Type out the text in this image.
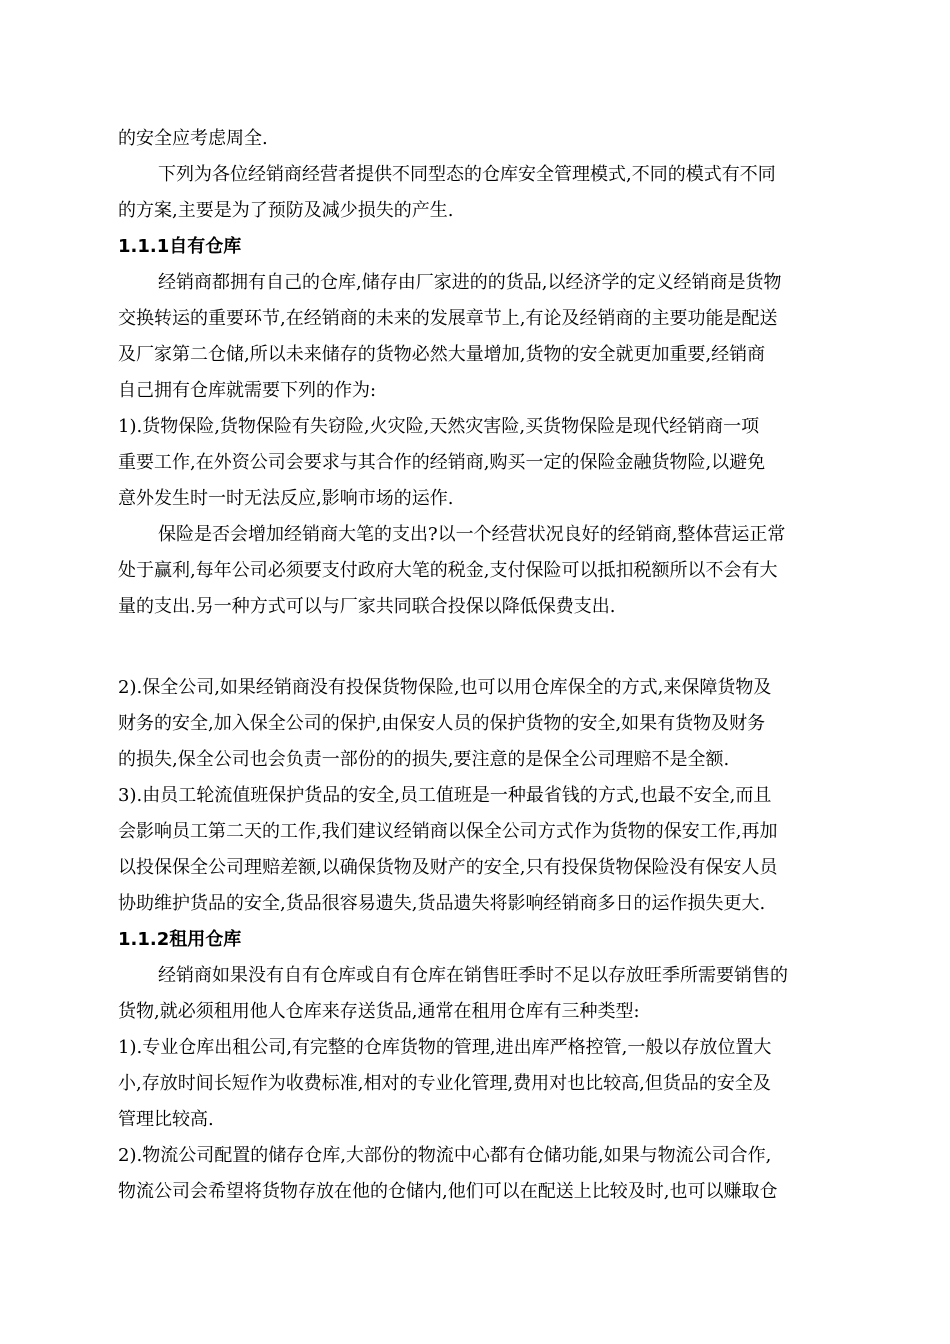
的安全应考虑周全.
下列为各位经销商经营者提供不同型态的仓库安全管理模式,不同的模式有不同
的方案,主要是为了预防及减少损失的产生.
1.1.1自有仓库
经销商都拥有自己的仓库,储存由厂家进的的货品,以经济学的定义经销商是货物
交换转运的重要环节,在经销商的未来的发展章节上,有论及经销商的主要功能是配送
及厂家第二仓储,所以未来储存的货物必然大量增加,货物的安全就更加重要,经销商
自己拥有仓库就需要下列的作为:
1).货物保险,货物保险有失窃险,火灾险,天然灾害险,买货物保险是现代经销商一项
重要工作,在外资公司会要求与其合作的经销商,购买一定的保险金融货物险,以避免
意外发生时一时无法反应,影响市场的运作.
保险是否会增加经销商大笔的支出?以一个经营状况良好的经销商,整体营运正常
处于赢利,每年公司必须要支付政府大笔的税金,支付保险可以抵扣税额所以不会有大
量的支出.另一种方式可以与厂家共同联合投保以降低保费支出.
2).保全公司,如果经销商没有投保货物保险,也可以用仓库保全的方式,来保障货物及
财务的安全,加入保全公司的保护,由保安人员的保护货物的安全,如果有货物及财务
的损失,保全公司也会负责一部份的的损失,要注意的是保全公司理赔不是全额.
3).由员工轮流值班保护货品的安全,员工值班是一种最省钱的方式,也最不安全,而且
会影响员工第二天的工作,我们建议经销商以保全公司方式作为货物的保安工作,再加
以投保保全公司理赔差额,以确保货物及财产的安全,只有投保货物保险没有保安人员
协助维护货品的安全,货品很容易遗失,货品遗失将影响经销商多日的运作损失更大.
1.1.2租用仓库
经销商如果没有自有仓库或自有仓库在销售旺季时不足以存放旺季所需要销售的
货物,就必须租用他人仓库来存送货品,通常在租用仓库有三种类型:
1).专业仓库出租公司,有完整的仓库货物的管理,进出库严格控管,一般以存放位置大
小,存放时间长短作为收费标准,相对的专业化管理,费用对也比较高,但货品的安全及
管理比较高.
2).物流公司配置的储存仓库,大部份的物流中心都有仓储功能,如果与物流公司合作,
物流公司会希望将货物存放在他的仓储内,他们可以在配送上比较及时,也可以赚取仓
